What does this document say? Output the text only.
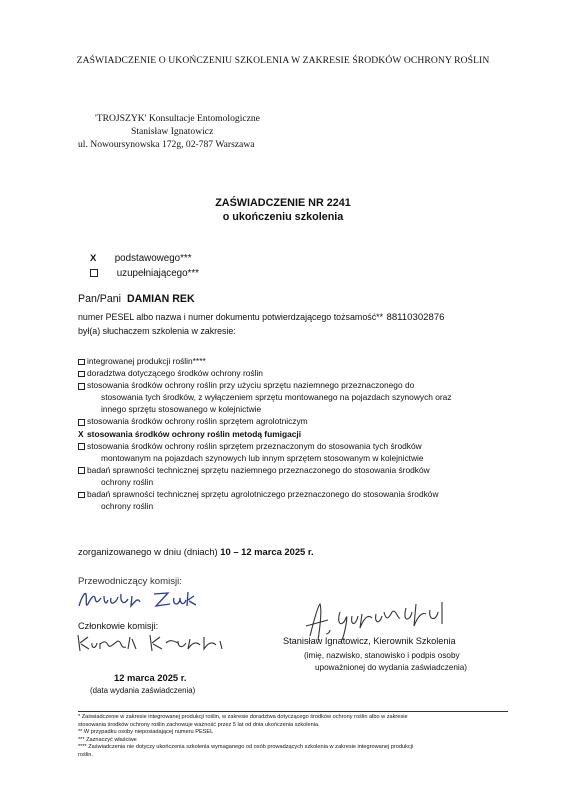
ZAŚWIADCZENIE O UKOŃCZENIU SZKOLENIA W ZAKRESIE ŚRODKÓW OCHRONY ROŚLIN
'TROJSZYK' Konsultacje Entomologiczne
Stanisław Ignatowicz
ul. Nowoursynowska 172g, 02-787 Warszawa
ZAŚWIADCZENIE NR 2241
o ukończeniu szkolenia
X podstawowego***
uzupełniającego***
Pan/Pani DAMIAN REK
numer PESEL albo nazwa i numer dokumentu potwierdzającego tożsamość** 88110302876
był(a) słuchaczem szkolenia w zakresie:
integrowanej produkcji roślin****
doradztwa dotyczącego środków ochrony roślin
stosowania środków ochrony roślin przy użyciu sprzętu naziemnego przeznaczonego do
stosowania tych środków, z wyłączeniem sprzętu montowanego na pojazdach szynowych oraz
innego sprzętu stosowanego w kolejnictwie
stosowania środków ochrony roślin sprzętem agrolotniczym
X stosowania środków ochrony roślin metodą fumigacji
stosowania środków ochrony roślin sprzętem przeznaczonym do stosowania tych środków
montowanym na pojazdach szynowych lub innym sprzętem stosowanym w kolejnictwie
badań sprawności technicznej sprzętu naziemnego przeznaczonego do stosowania środków
ochrony roślin
badań sprawności technicznej sprzętu agrolotniczego przeznaczonego do stosowania środków
ochrony roślin
zorganizowanego w dniu (dniach) 10 – 12 marca 2025 r.
Przewodniczący komisji:
Członkowie komisji:
Stanisław Ignatowicz, Kierownik Szkolenia
(imię, nazwisko, stanowisko i podpis osoby
upoważnionej do wydania zaświadczenia)
12 marca 2025 r.
(data wydania zaświadczenia)
* Zaświadczenie w zakresie integrowanej produkcji roślin, w zakresie doradztwa dotyczącego środków ochrony roślin albo w zakresie
stosowania środków ochrony roślin zachowuje ważność przez 5 lat od dnia ukończenia szkolenia.
** W przypadku osoby nieposiadającej numeru PESEL
*** Zaznaczyć właściwe
**** Zaświadczenia nie dotyczy ukończenia szkolenia wymaganego od osób prowadzących szkolenia w zakresie integrowanej produkcji
roślin.
